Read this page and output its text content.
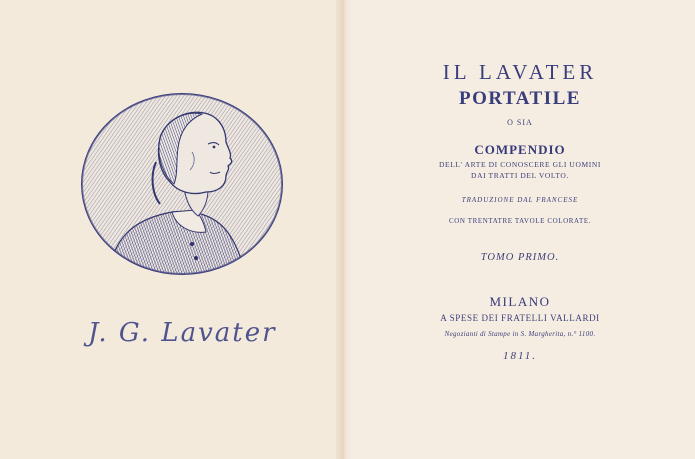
J. G. Lavater
IL LAVATER
PORTATILE
O SIA
COMPENDIO
DELL' ARTE DI CONOSCERE GLI UOMINI
DAI TRATTI DEL VOLTO.
TRADUZIONE DAL FRANCESE
CON TRENTATRE TAVOLE COLORATE.
TOMO PRIMO.
MILANO
A SPESE DEI FRATELLI VALLARDI
Negozianti di Stampe in S. Margherita, n.° 1100.
1811.
